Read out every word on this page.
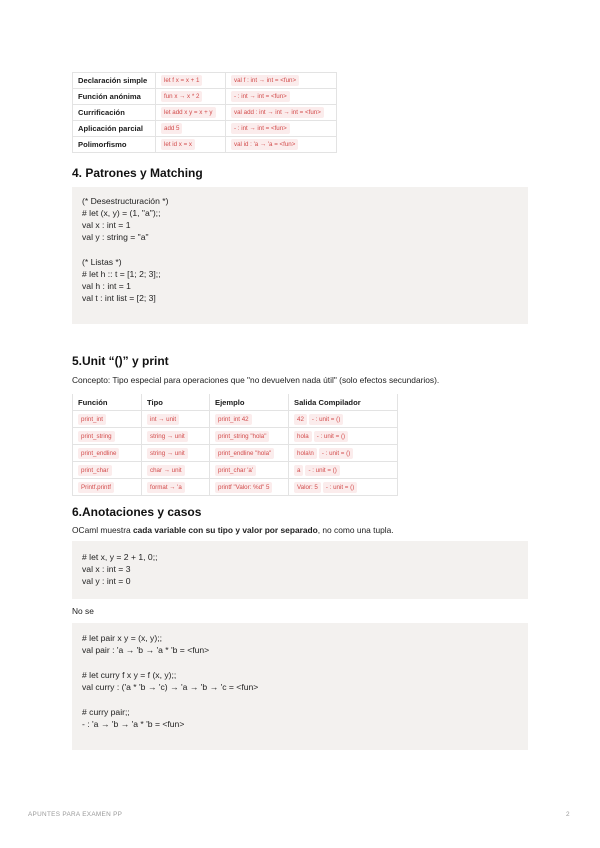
Declaración simple	let f x = x + 1	val f : int → int = <fun>
Función anónima	fun x → x * 2	- : int → int = <fun>
Currificación	let add x y = x + y	val add : int → int → int = <fun>
Aplicación parcial	add 5	- : int → int = <fun>
Polimorfismo	let id x = x	val id : 'a → 'a = <fun>
4. Patrones y Matching
(* Desestructuración *)
# let (x, y) = (1, "a");;
val x : int = 1
val y : string = "a"
(* Listas *)
# let h :: t = [1; 2; 3];;
val h : int = 1
val t : int list = [2; 3]
5.Unit “()” y print
Concepto: Tipo especial para operaciones que "no devuelven nada útil" (solo efectos secundarios).
Función	Tipo	Ejemplo	Salida Compilador
print_int	int → unit	print_int 42	42 - : unit = ()
print_string	string → unit	print_string "hola"	hola - : unit = ()
print_endline	string → unit	print_endline "hola"	hola\n - : unit = ()
print_char	char → unit	print_char 'a'	a - : unit = ()
Printf.printf	format → 'a	printf "Valor: %d" 5	Valor: 5 - : unit = ()
6.Anotaciones y casos
OCaml muestra cada variable con su tipo y valor por separado, no como una tupla.
# let x, y = 2 + 1, 0;;
val x : int = 3
val y : int = 0
No se
# let pair x y = (x, y);;
val pair : 'a → 'b → 'a * 'b = <fun>
# let curry f x y = f (x, y);;
val curry : ('a * 'b → 'c) → 'a → 'b → 'c = <fun>
# curry pair;;
- : 'a → 'b → 'a * 'b = <fun>
APUNTES PARA EXAMEN PP	2
